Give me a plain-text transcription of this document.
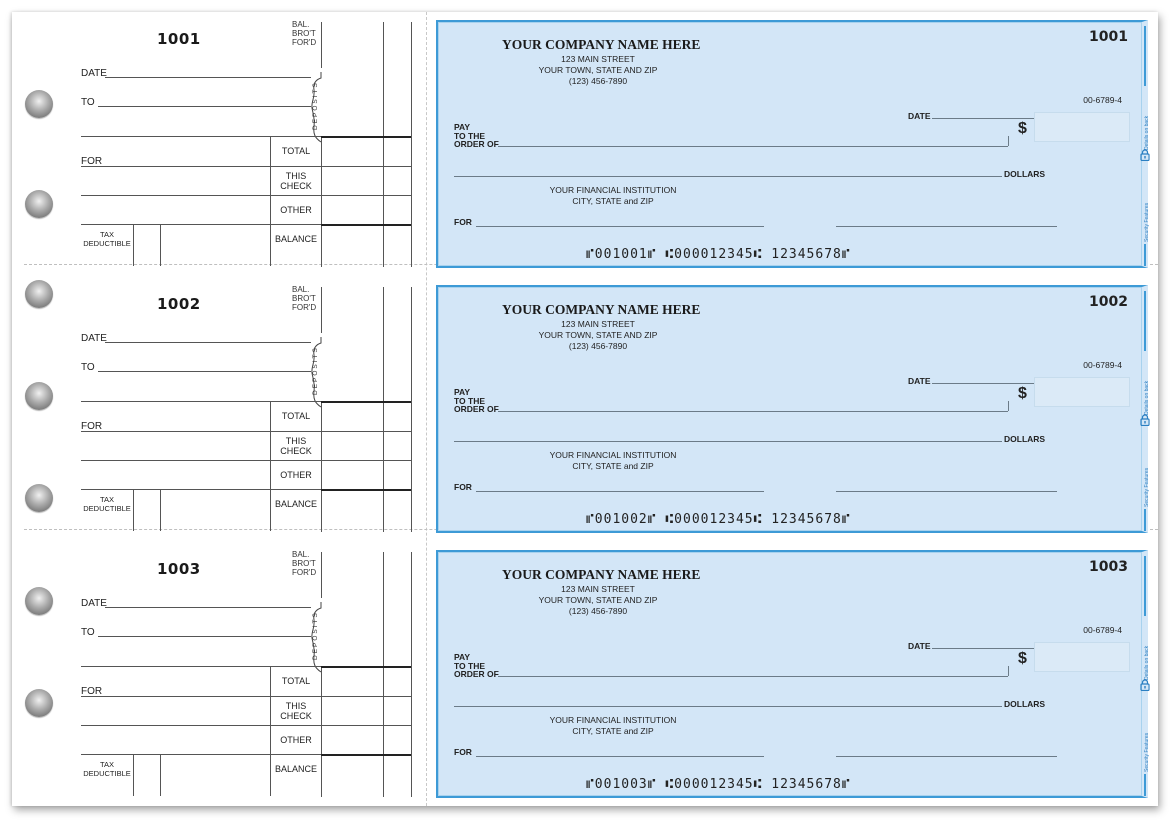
1001
BAL.
BRO'T
FOR'D
DATE
TO	DEPOSITS
FOR
TOTAL
THIS
CHECK
OTHER
BALANCE
TAX
DEDUCTIBLE
YOUR COMPANY NAME HERE
123 MAIN STREET
YOUR TOWN, STATE AND ZIP
(123) 456-7890
1001
00-6789-4
DATE
PAY
TO THE
ORDER OF
$
DOLLARS
YOUR FINANCIAL INSTITUTION
CITY, STATE and ZIP
FOR
⑈001001⑈ ⑆000012345⑆ 12345678⑈
Details on back
Security Features
1002
BAL.
BRO'T
FOR'D
DATE
TO	DEPOSITS
FOR
TOTAL
THIS
CHECK
OTHER
BALANCE
TAX
DEDUCTIBLE
YOUR COMPANY NAME HERE
123 MAIN STREET
YOUR TOWN, STATE AND ZIP
(123) 456-7890
1002
00-6789-4
DATE
PAY
TO THE
ORDER OF
$
DOLLARS
YOUR FINANCIAL INSTITUTION
CITY, STATE and ZIP
FOR
⑈001002⑈ ⑆000012345⑆ 12345678⑈
Details on back
Security Features
1003
BAL.
BRO'T
FOR'D
DATE
TO	DEPOSITS
FOR
TOTAL
THIS
CHECK
OTHER
BALANCE
TAX
DEDUCTIBLE
YOUR COMPANY NAME HERE
123 MAIN STREET
YOUR TOWN, STATE AND ZIP
(123) 456-7890
1003
00-6789-4
DATE
PAY
TO THE
ORDER OF
$
DOLLARS
YOUR FINANCIAL INSTITUTION
CITY, STATE and ZIP
FOR
⑈001003⑈ ⑆000012345⑆ 12345678⑈
Details on back
Security Features
